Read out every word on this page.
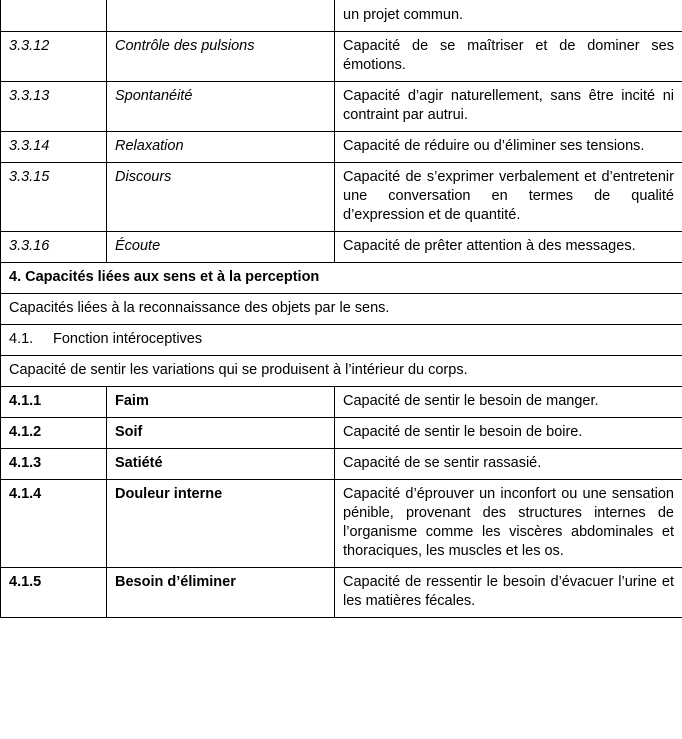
		un projet commun.
3.3.12	Contrôle des pulsions	Capacité de se maîtriser et de dominer ses émotions.
3.3.13	Spontanéité	Capacité d’agir naturellement, sans être incité ni contraint par autrui.
3.3.14	Relaxation	Capacité de réduire ou d’éliminer ses tensions.
3.3.15	Discours	Capacité de s’exprimer verbalement et d’entretenir une conversation en termes de qualité d’expression et de quantité.
3.3.16	Écoute	Capacité de prêter attention à des messages.
4. Capacités liées aux sens et à la perception		
Capacités liées à la reconnaissance des objets par le sens.		
4.1. Fonction intéroceptives		
Capacité de sentir les variations qui se produisent à l’intérieur du corps.		
4.1.1	Faim	Capacité de sentir le besoin de manger.
4.1.2	Soif	Capacité de sentir le besoin de boire.
4.1.3	Satiété	Capacité de se sentir rassasié.
4.1.4	Douleur interne	Capacité d’éprouver un inconfort ou une sensation pénible, provenant des structures internes de l’organisme comme les viscères abdominales et thoraciques, les muscles et les os.
4.1.5	Besoin d’éliminer	Capacité de ressentir le besoin d’évacuer l’urine et les matières fécales.
